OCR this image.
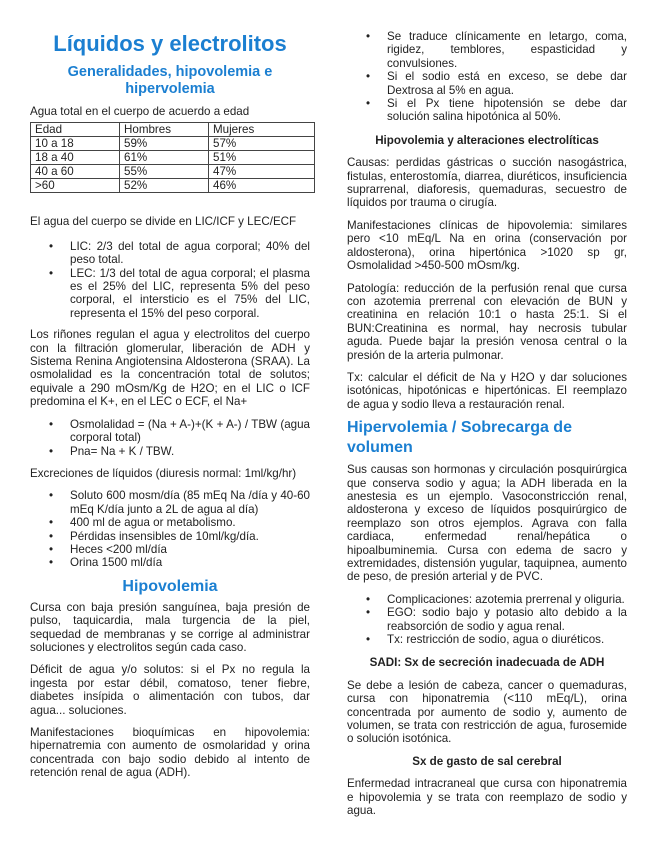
Líquidos y electrolitos
Generalidades, hipovolemia e hipervolemia

Agua total en el cuerpo de acuerdo a edad

Edad	Hombres	Mujeres
10 a 18	59%	57%
18 a 40	61%	51%
40 a 60	55%	47%
>60	52%	46%

El agua del cuerpo se divide en LIC/ICF y LEC/ECF

• LIC: 2/3 del total de agua corporal; 40% del peso total.
• LEC: 1/3 del total de agua corporal; el plasma es el 25% del LIC, representa 5% del peso corporal, el intersticio es el 75% del LIC, representa el 15% del peso corporal.

Los riñones regulan el agua y electrolitos del cuerpo con la filtración glomerular, liberación de ADH y Sistema Renina Angiotensina Aldosterona (SRAA). La osmolalidad es la concentración total de solutos; equivale a 290 mOsm/Kg de H2O; en el LIC o ICF predomina el K+, en el LEC o ECF, el Na+

• Osmolalidad = (Na + A-)+(K + A-) / TBW (agua corporal total)
• Pna= Na + K / TBW.

Excreciones de líquidos (diuresis normal: 1ml/kg/hr)

• Soluto 600 mosm/día (85 mEq Na /día y 40-60 mEq K/día junto a 2L de agua al día)
• 400 ml de agua or metabolismo.
• Pérdidas insensibles de 10ml/kg/día.
• Heces <200 ml/día
• Orina 1500 ml/día
Hipovolemia

Cursa con baja presión sanguínea, baja presión de pulso, taquicardia, mala turgencia de la piel, sequedad de membranas y se corrige al administrar soluciones y electrolitos según cada caso.

Déficit de agua y/o solutos: si el Px no regula la ingesta por estar débil, comatoso, tener fiebre, diabetes insípida o alimentación con tubos, dar agua... soluciones.

Manifestaciones bioquímicas en hipovolemia: hipernatremia con aumento de osmolaridad y orina concentrada con bajo sodio debido al intento de retención renal de agua (ADH).

• Se traduce clínicamente en letargo, coma, rigidez, temblores, espasticidad y convulsiones.
• Si el sodio está en exceso, se debe dar Dextrosa al 5% en agua.
• Si el Px tiene hipotensión se debe dar solución salina hipotónica al 50%.
Hipovolemia y alteraciones electrolíticas

Causas: perdidas gástricas o succión nasogástrica, fistulas, enterostomía, diarrea, diuréticos, insuficiencia suprarrenal, diaforesis, quemaduras, secuestro de líquidos por trauma o cirugía.

Manifestaciones clínicas de hipovolemia: similares pero <10 mEq/L Na en orina (conservación por aldosterona), orina hipertónica >1020 sp gr, Osmolalidad >450-500 mOsm/kg.

Patología: reducción de la perfusión renal que cursa con azotemia prerrenal con elevación de BUN y creatinina en relación 10:1 o hasta 25:1. Si el BUN:Creatinina es normal, hay necrosis tubular aguda. Puede bajar la presión venosa central o la presión de la arteria pulmonar.

Tx: calcular el déficit de Na y H2O y dar soluciones isotónicas, hipotónicas e hipertónicas. El reemplazo de agua y sodio lleva a restauración renal.

Hipervolemia / Sobrecarga de volumen

Sus causas son hormonas y circulación posquirúrgica que conserva sodio y agua; la ADH liberada en la anestesia es un ejemplo. Vasoconstricción renal, aldosterona y exceso de líquidos posquirúrgico de reemplazo son otros ejemplos. Agrava con falla cardiaca, enfermedad renal/hepática o hipoalbuminemia. Cursa con edema de sacro y extremidades, distensión yugular, taquipnea, aumento de peso, de presión arterial y de PVC.

• Complicaciones: azotemia prerrenal y oliguria.
• EGO: sodio bajo y potasio alto debido a la reabsorción de sodio y agua renal.
• Tx: restricción de sodio, agua o diuréticos.
SADI: Sx de secreción inadecuada de ADH

Se debe a lesión de cabeza, cancer o quemaduras, cursa con hiponatremia (<110 mEq/L), orina concentrada por aumento de sodio y, aumento de volumen, se trata con restricción de agua, furosemide o solución isotónica.

Sx de gasto de sal cerebral

Enfermedad intracraneal que cursa con hiponatremia e hipovolemia y se trata con reemplazo de sodio y agua.
